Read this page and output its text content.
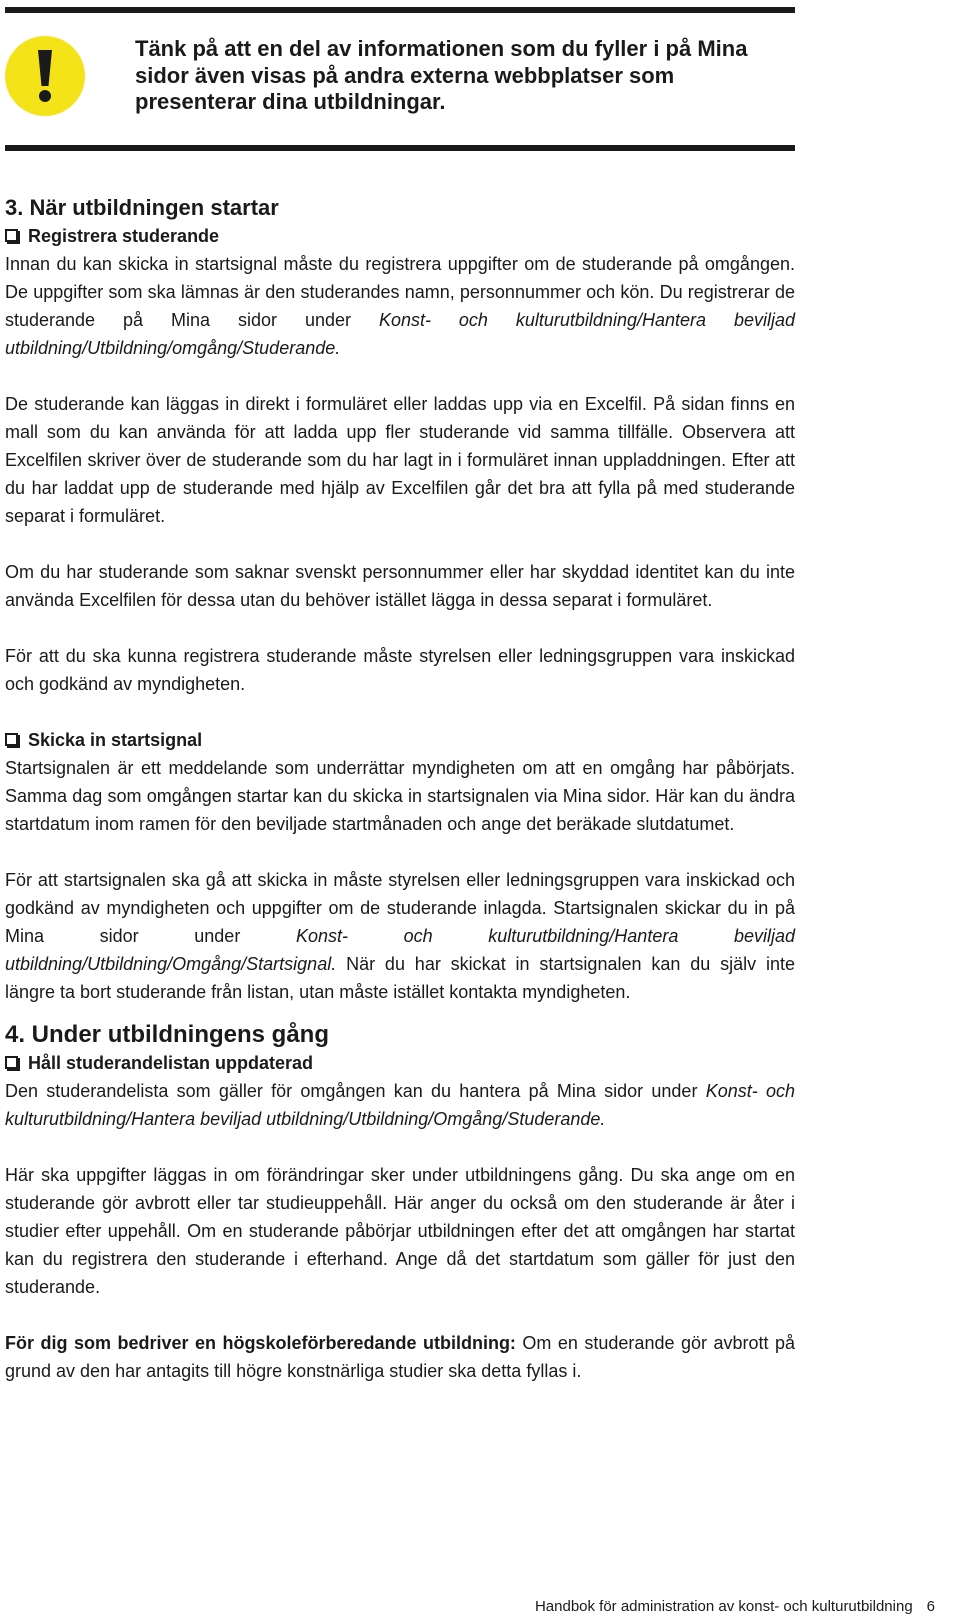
Tänk på att en del av informationen som du fyller i på Mina sidor även visas på andra externa webbplatser som presenterar dina utbildningar.
3. När utbildningen startar
Registrera studerande

Innan du kan skicka in startsignal måste du registrera uppgifter om de studerande på omgången. De uppgifter som ska lämnas är den studerandes namn, personnummer och kön. Du registrerar de studerande på Mina sidor under Konst- och kulturutbildning/Hantera beviljad utbildning/Utbildning/omgång/Studerande.

De studerande kan läggas in direkt i formuläret eller laddas upp via en Excelfil. På sidan finns en mall som du kan använda för att ladda upp fler studerande vid samma tillfälle. Observera att Excelfilen skriver över de studerande som du har lagt in i formuläret innan uppladdningen. Efter att du har laddat upp de studerande med hjälp av Excelfilen går det bra att fylla på med studerande separat i formuläret.

Om du har studerande som saknar svenskt personnummer eller har skyddad identitet kan du inte använda Excelfilen för dessa utan du behöver istället lägga in dessa separat i formuläret.

För att du ska kunna registrera studerande måste styrelsen eller ledningsgruppen vara inskickad och godkänd av myndigheten.

Skicka in startsignal

Startsignalen är ett meddelande som underrättar myndigheten om att en omgång har påbörjats. Samma dag som omgången startar kan du skicka in startsignalen via Mina sidor. Här kan du ändra startdatum inom ramen för den beviljade startmånaden och ange det beräkade slutdatumet.

För att startsignalen ska gå att skicka in måste styrelsen eller ledningsgruppen vara inskickad och godkänd av myndigheten och uppgifter om de studerande inlagda. Startsignalen skickar du in på Mina sidor under Konst- och kulturutbildning/Hantera beviljad utbildning/Utbildning/Omgång/Startsignal. När du har skickat in startsignalen kan du själv inte längre ta bort studerande från listan, utan måste istället kontakta myndigheten.

4. Under utbildningens gång
Håll studerandelistan uppdaterad

Den studerandelista som gäller för omgången kan du hantera på Mina sidor under Konst- och kulturutbildning/Hantera beviljad utbildning/Utbildning/Omgång/Studerande.

Här ska uppgifter läggas in om förändringar sker under utbildningens gång. Du ska ange om en studerande gör avbrott eller tar studieuppehåll. Här anger du också om den studerande är åter i studier efter uppehåll. Om en studerande påbörjar utbildningen efter det att omgången har startat kan du registrera den studerande i efterhand. Ange då det startdatum som gäller för just den studerande.

För dig som bedriver en högskoleförberedande utbildning: Om en studerande gör avbrott på grund av den har antagits till högre konstnärliga studier ska detta fyllas i.

Handbok för administration av konst- och kulturutbildning 6
